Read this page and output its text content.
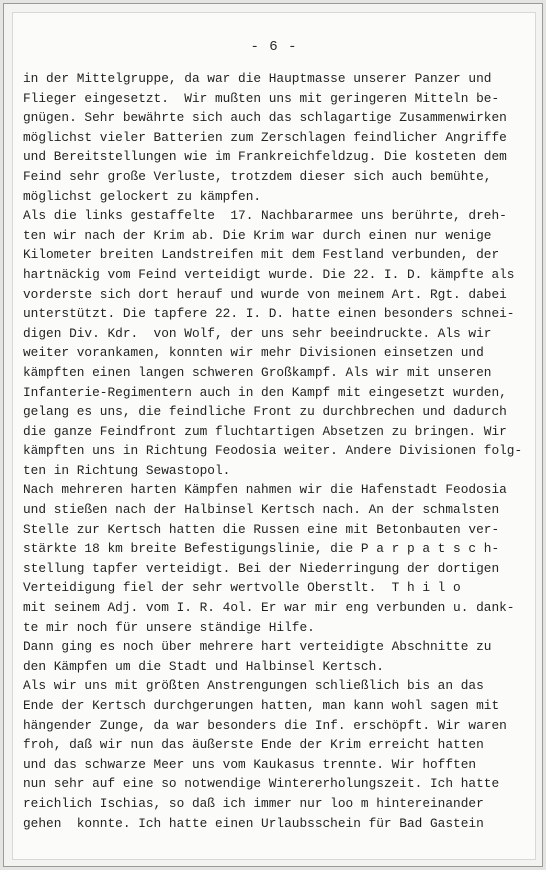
- 6 -
in der Mittelgruppe, da war die Hauptmasse unserer Panzer und
Flieger eingesetzt.  Wir mußten uns mit geringeren Mitteln be-
gnügen. Sehr bewährte sich auch das schlagartige Zusammenwirken
möglichst vieler Batterien zum Zerschlagen feindlicher Angriffe
und Bereitstellungen wie im Frankreichfeldzug. Die kosteten dem
Feind sehr große Verluste, trotzdem dieser sich auch bemühte,
möglichst gelockert zu kämpfen.
Als die links gestaffelte  17. Nachbararmee uns berührte, dreh-
ten wir nach der Krim ab. Die Krim war durch einen nur wenige
Kilometer breiten Landstreifen mit dem Festland verbunden, der
hartnäckig vom Feind verteidigt wurde. Die 22. I. D. kämpfte als
vorderste sich dort herauf und wurde von meinem Art. Rgt. dabei
unterstützt. Die tapfere 22. I. D. hatte einen besonders schnei-
digen Div. Kdr.  von Wolf, der uns sehr beeindruckte. Als wir
weiter vorankamen, konnten wir mehr Divisionen einsetzen und
kämpften einen langen schweren Großkampf. Als wir mit unseren
Infanterie-Regimentern auch in den Kampf mit eingesetzt wurden,
gelang es uns, die feindliche Front zu durchbrechen und dadurch
die ganze Feindfront zum fluchtartigen Absetzen zu bringen. Wir
kämpften uns in Richtung Feodosia weiter. Andere Divisionen folg-
ten in Richtung Sewastopol.
Nach mehreren harten Kämpfen nahmen wir die Hafenstadt Feodosia
und stießen nach der Halbinsel Kertsch nach. An der schmalsten
Stelle zur Kertsch hatten die Russen eine mit Betonbauten ver-
stärkte 18 km breite Befestigungslinie, die P a r p a t s c h-
stellung tapfer verteidigt. Bei der Niederringung der dortigen
Verteidigung fiel der sehr wertvolle Oberstlt.  T h i l o
mit seinem Adj. vom I. R. 4ol. Er war mir eng verbunden u. dank-
te mir noch für unsere ständige Hilfe.
Dann ging es noch über mehrere hart verteidigte Abschnitte zu
den Kämpfen um die Stadt und Halbinsel Kertsch.
Als wir uns mit größten Anstrengungen schließlich bis an das
Ende der Kertsch durchgerungen hatten, man kann wohl sagen mit
hängender Zunge, da war besonders die Inf. erschöpft. Wir waren
froh, daß wir nun das äußerste Ende der Krim erreicht hatten
und das schwarze Meer uns vom Kaukasus trennte. Wir hofften
nun sehr auf eine so notwendige Wintererholungszeit. Ich hatte
reichlich Ischias, so daß ich immer nur loo m hintereinander
gehen  konnte. Ich hatte einen Urlaubsschein für Bad Gastein
